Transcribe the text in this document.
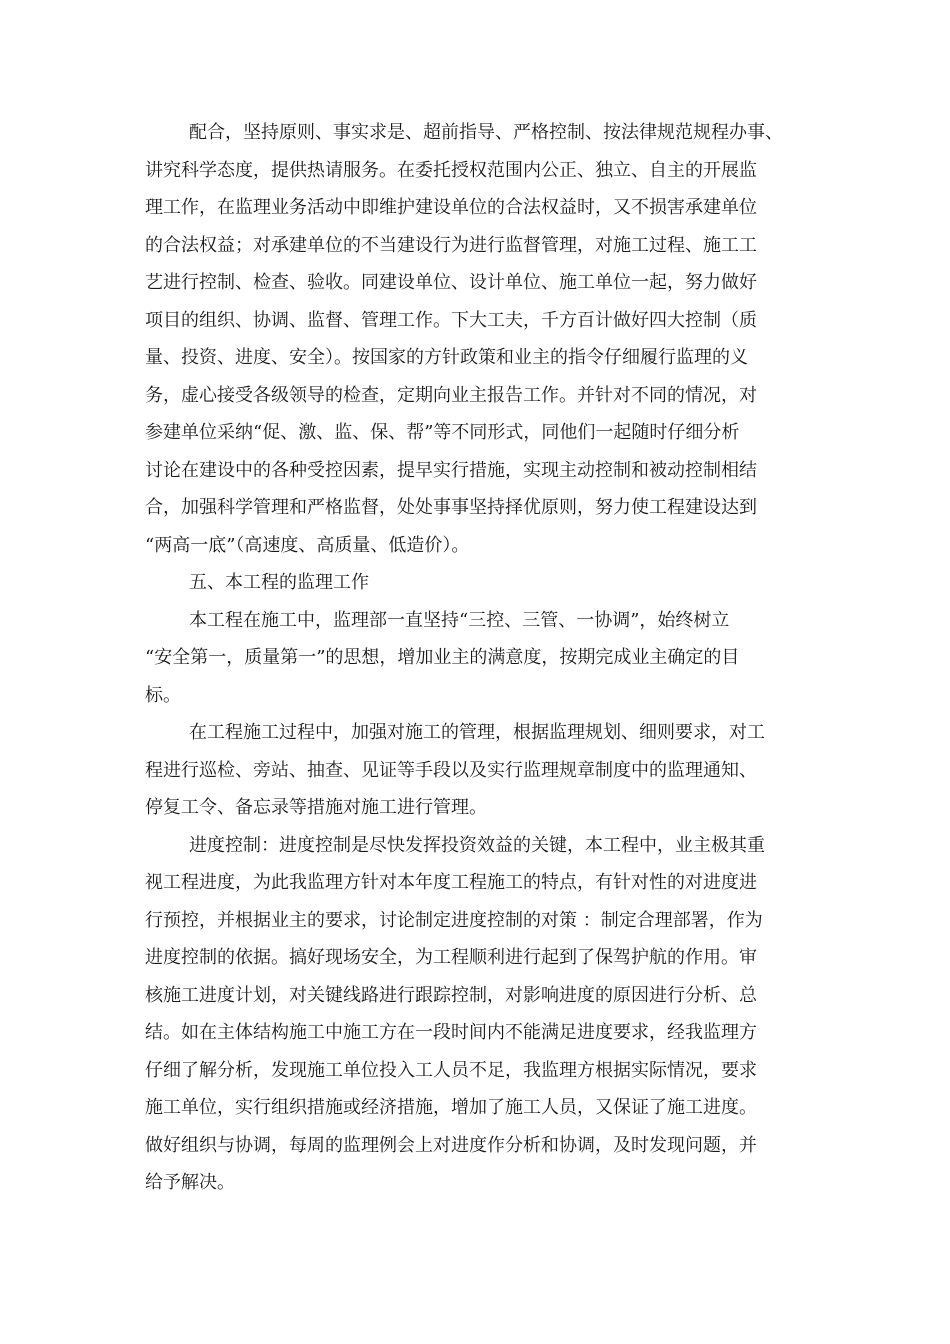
配合，坚持原则、事实求是、超前指导、严格控制、按法律规范规程办事、
讲究科学态度，提供热请服务。在委托授权范围内公正、独立、自主的开展监
理工作，在监理业务活动中即维护建设单位的合法权益时，又不损害承建单位
的合法权益；对承建单位的不当建设行为进行监督管理，对施工过程、施工工
艺进行控制、检查、验收。同建设单位、设计单位、施工单位一起，努力做好
项目的组织、协调、监督、管理工作。下大工夫，千方百计做好四大控制（质
量、投资、进度、安全）。按国家的方针政策和业主的指令仔细履行监理的义
务，虚心接受各级领导的检查，定期向业主报告工作。并针对不同的情况，对
参建单位采纳“促、激、监、保、帮”等不同形式，同他们一起随时仔细分析
讨论在建设中的各种受控因素，提早实行措施，实现主动控制和被动控制相结
合，加强科学管理和严格监督，处处事事坚持择优原则，努力使工程建设达到
“两高一底”（高速度、高质量、低造价）。
五、本工程的监理工作
本工程在施工中，监理部一直坚持“三控、三管、一协调”，始终树立
“安全第一，质量第一”的思想，增加业主的满意度，按期完成业主确定的目
标。
在工程施工过程中，加强对施工的管理，根据监理规划、细则要求，对工
程进行巡检、旁站、抽查、见证等手段以及实行监理规章制度中的监理通知、
停复工令、备忘录等措施对施工进行管理。
进度控制：进度控制是尽快发挥投资效益的关键，本工程中，业主极其重
视工程进度，为此我监理方针对本年度工程施工的特点，有针对性的对进度进
行预控，并根据业主的要求，讨论制定进度控制的对策 ：制定合理部署，作为
进度控制的依据。搞好现场安全，为工程顺利进行起到了保驾护航的作用。审
核施工进度计划，对关键线路进行跟踪控制，对影响进度的原因进行分析、总
结。如在主体结构施工中施工方在一段时间内不能满足进度要求，经我监理方
仔细了解分析，发现施工单位投入工人员不足，我监理方根据实际情况，要求
施工单位，实行组织措施或经济措施，增加了施工人员，又保证了施工进度。
做好组织与协调，每周的监理例会上对进度作分析和协调，及时发现问题，并
给予解决。
